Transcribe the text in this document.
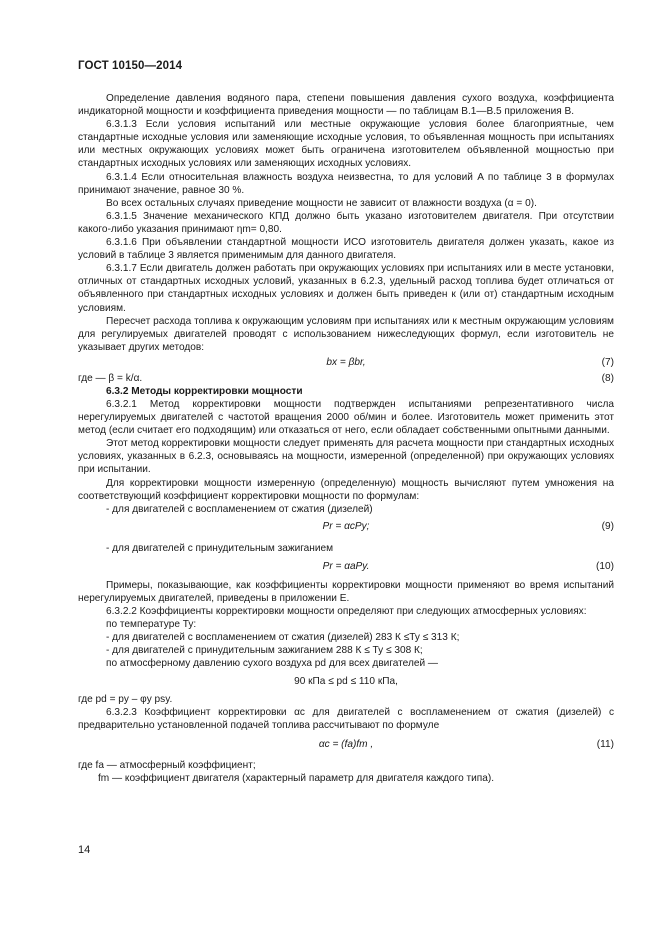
ГОСТ 10150—2014

Определение давления водяного пара, степени повышения давления сухого воздуха, коэффициента индикаторной мощности и коэффициента приведения мощности — по таблицам В.1—В.5 приложения В.

6.3.1.3 Если условия испытаний или местные окружающие условия более благоприятные, чем стандартные исходные условия или заменяющие исходные условия, то объявленная мощность при испытаниях или местных окружающих условиях может быть ограничена изготовителем объявленной мощностью при стандартных исходных условиях или заменяющих исходных условиях.

6.3.1.4 Если относительная влажность воздуха неизвестна, то для условий A по таблице 3 в формулах принимают значение, равное 30 %.

Во всех остальных случаях приведение мощности не зависит от влажности воздуха (α = 0).

6.3.1.5 Значение механического КПД должно быть указано изготовителем двигателя. При отсутствии какого-либо указания принимают ηm= 0,80.

6.3.1.6 При объявлении стандартной мощности ИСО изготовитель двигателя должен указать, какое из условий в таблице 3 является применимым для данного двигателя.

6.3.1.7 Если двигатель должен работать при окружающих условиях при испытаниях или в месте установки, отличных от стандартных исходных условий, указанных в 6.2.3, удельный расход топлива будет отличаться от объявленного при стандартных исходных условиях и должен быть приведен к (или от) стандартным исходным условиям.

Пересчет расхода топлива к окружающим условиям при испытаниях или к местным окружающим условиям для регулируемых двигателей проводят с использованием нижеследующих формул, если изготовитель не указывает других методов:

bx = βbr,	(7)
где — β = k/α.	(8)

6.3.2 Методы корректировки мощности

6.3.2.1 Метод корректировки мощности подтвержден испытаниями репрезентативного числа нерегулируемых двигателей с частотой вращения 2000 об/мин и более. Изготовитель может применить этот метод (если считает его подходящим) или отказаться от него, если обладает собственными опытными данными.

Этот метод корректировки мощности следует применять для расчета мощности при стандартных исходных условиях, указанных в 6.2.3, основываясь на мощности, измеренной (определенной) при окружающих условиях при испытании.

Для корректировки мощности измеренную (определенную) мощность вычисляют путем умножения на соответствующий коэффициент корректировки мощности по формулам:

- для двигателей с воспламенением от сжатия (дизелей)

Pr = αcPy;	(9)

- для двигателей с принудительным зажиганием

Pr = αaPy.	(10)

Примеры, показывающие, как коэффициенты корректировки мощности применяют во время испытаний нерегулируемых двигателей, приведены в приложении Е.

6.3.2.2 Коэффициенты корректировки мощности определяют при следующих атмосферных условиях:

по температуре Ty:

- для двигателей с воспламенением от сжатия (дизелей) 283 К ≤Ty ≤ 313 К;

- для двигателей с принудительным зажиганием 288 К ≤ Ty ≤ 308 К;

по атмосферному давлению сухого воздуха pd для всех двигателей —

90 кПа ≤ pd ≤ 110 кПа,

где pd = py – φy psy.

6.3.2.3 Коэффициент корректировки αc для двигателей с воспламенением от сжатия (дизелей) с предварительно установленной подачей топлива рассчитывают по формуле

αc = (fa)fm ,	(11)

где fa — атмосферный коэффициент;

fm — коэффициент двигателя (характерный параметр для двигателя каждого типа).

14
